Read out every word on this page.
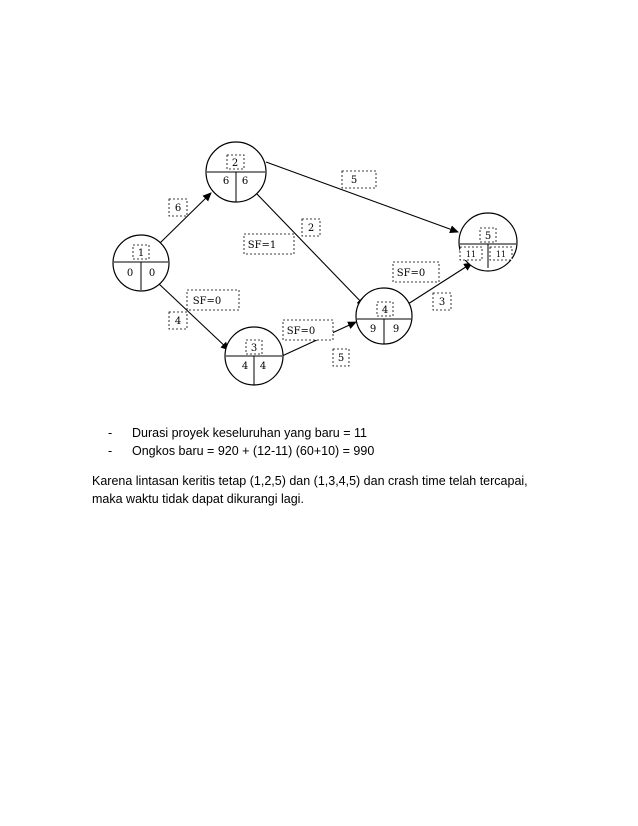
6
4
2
5
5
3
SF=1
SF=0
SF=0
SF=0
1
0 0
2
6 6
3
4 4
4
9 9
5
11 11
- Durasi proyek keseluruhan yang baru = 11
- Ongkos baru = 920 + (12-11) (60+10) = 990
Karena lintasan keritis tetap (1,2,5) dan (1,3,4,5) dan crash time telah tercapai, maka waktu tidak dapat dikurangi lagi.
